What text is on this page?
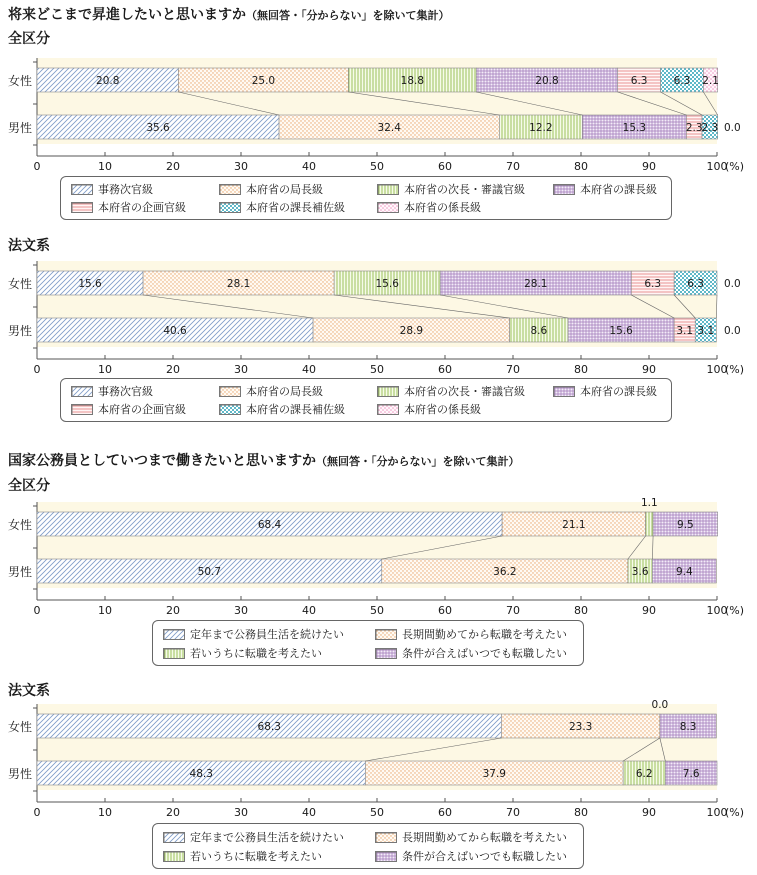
将来どこまで昇進したいと思いますか（無回答・「分からない」を除いて集計）
全区分
女性
男性
20.8	25.0	18.8	20.8	6.3 6.3 2.1
35.6	32.4	12.2	15.3	2.3
2.3 0.0
0	10	20	30	40	50	60	70	80	90	100
(%)
事務次官級	本府省の局長級	本府省の次長・審議官級	本府省の課長級
本府省の企画官級	本府省の課長補佐級	本府省の係長級
法文系
女性
男性
15.6	28.1	15.6	28.1	6.3 6.3 0.0
40.6	28.9	8.6	15.6	3.1 3.1 0.0
0	10	20	30	40	50	60	70	80	90	100
(%)
事務次官級	本府省の局長級	本府省の次長・審議官級	本府省の課長級
本府省の企画官級	本府省の課長補佐級	本府省の係長級
国家公務員としていつまで働きたいと思いますか（無回答・「分からない」を除いて集計）
全区分
女性
男性
68.4	21.1
1.1
9.5
50.7	36.2	3.6	9.4
0	10	20	30	40	50	60	70	80	90	100
(%)
定年まで公務員生活を続けたい	長期間勤めてから転職を考えたい
若いうちに転職を考えたい	条件が合えばいつでも転職したい
法文系
女性
男性
68.3	23.3
0.0
8.3
48.3	37.9	6.2	7.6
0	10	20	30	40	50	60	70	80	90	100
(%)
定年まで公務員生活を続けたい	長期間勤めてから転職を考えたい
若いうちに転職を考えたい	条件が合えばいつでも転職したい
